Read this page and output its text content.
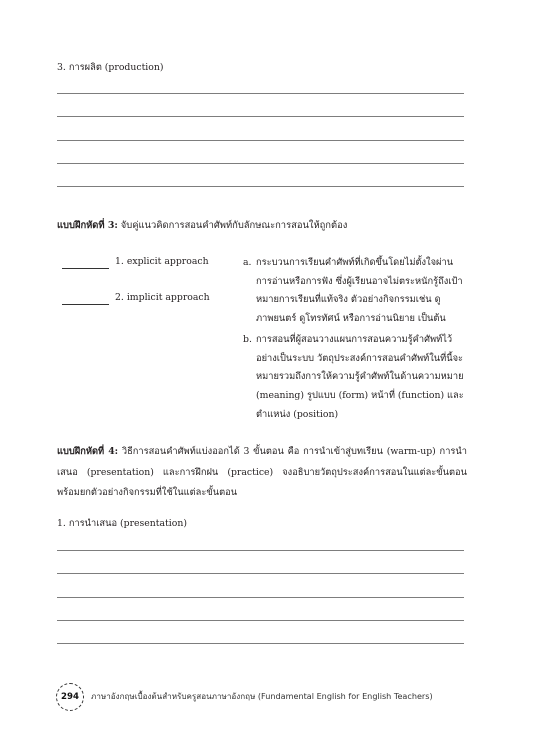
3. การผลิต (production)
แบบฝึกหัดที่ 3: จับคู่แนวคิดการสอนคำศัพท์กับลักษณะการสอนให้ถูกต้อง
1. explicit approach
2. implicit approach
a. กระบวนการเรียนคำศัพท์ที่เกิดขึ้นโดยไม่ตั้งใจผ่านการอ่านหรือการฟัง ซึ่งผู้เรียนอาจไม่ตระหนักรู้ถึงเป้าหมายการเรียนที่แท้จริง ตัวอย่างกิจกรรมเช่น ดูภาพยนตร์ ดูโทรทัศน์ หรือการอ่านนิยาย เป็นต้น
b. การสอนที่ผู้สอนวางแผนการสอนความรู้คำศัพท์ไว้อย่างเป็นระบบ วัตถุประสงค์การสอนคำศัพท์ในที่นี้จะหมายรวมถึงการให้ความรู้คำศัพท์ในด้านความหมาย (meaning) รูปแบบ (form) หน้าที่ (function) และตำแหน่ง (position)
แบบฝึกหัดที่ 4: วิธีการสอนคำศัพท์แบ่งออกได้ 3 ขั้นตอน คือ การนำเข้าสู่บทเรียน (warm-up) การนำเสนอ (presentation) และการฝึกฝน (practice) จงอธิบายวัตถุประสงค์การสอนในแต่ละขั้นตอน พร้อมยกตัวอย่างกิจกรรมที่ใช้ในแต่ละขั้นตอน
1. การนำเสนอ (presentation)
294 ภาษาอังกฤษเบื้องต้นสำหรับครูสอนภาษาอังกฤษ (Fundamental English for English Teachers)
